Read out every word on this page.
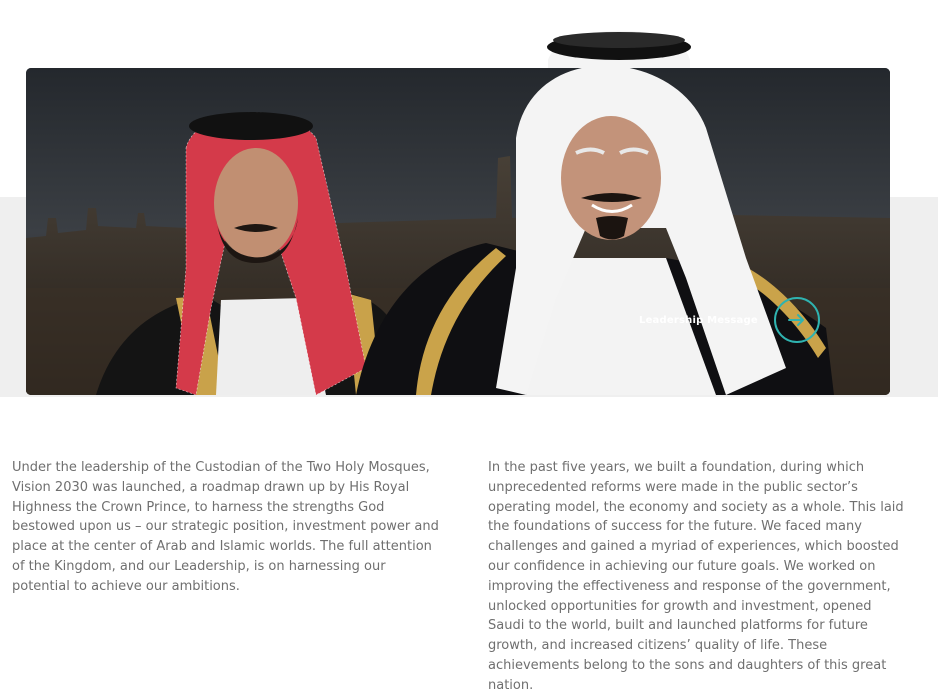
Leadership Message

Under the leadership of the Custodian of the Two Holy Mosques, Vision 2030 was launched, a roadmap drawn up by His Royal Highness the Crown Prince, to harness the strengths God bestowed upon us – our strategic position, investment power and place at the center of Arab and Islamic worlds. The full attention of the Kingdom, and our Leadership, is on harnessing our potential to achieve our ambitions.

In the past five years, we built a foundation, during which unprecedented reforms were made in the public sector’s operating model, the economy and society as a whole. This laid the foundations of success for the future. We faced many challenges and gained a myriad of experiences, which boosted our confidence in achieving our future goals. We worked on improving the effectiveness and response of the government, unlocked opportunities for growth and investment, opened Saudi to the world, built and launched platforms for future growth, and increased citizens’ quality of life. These achievements belong to the sons and daughters of this great nation.
